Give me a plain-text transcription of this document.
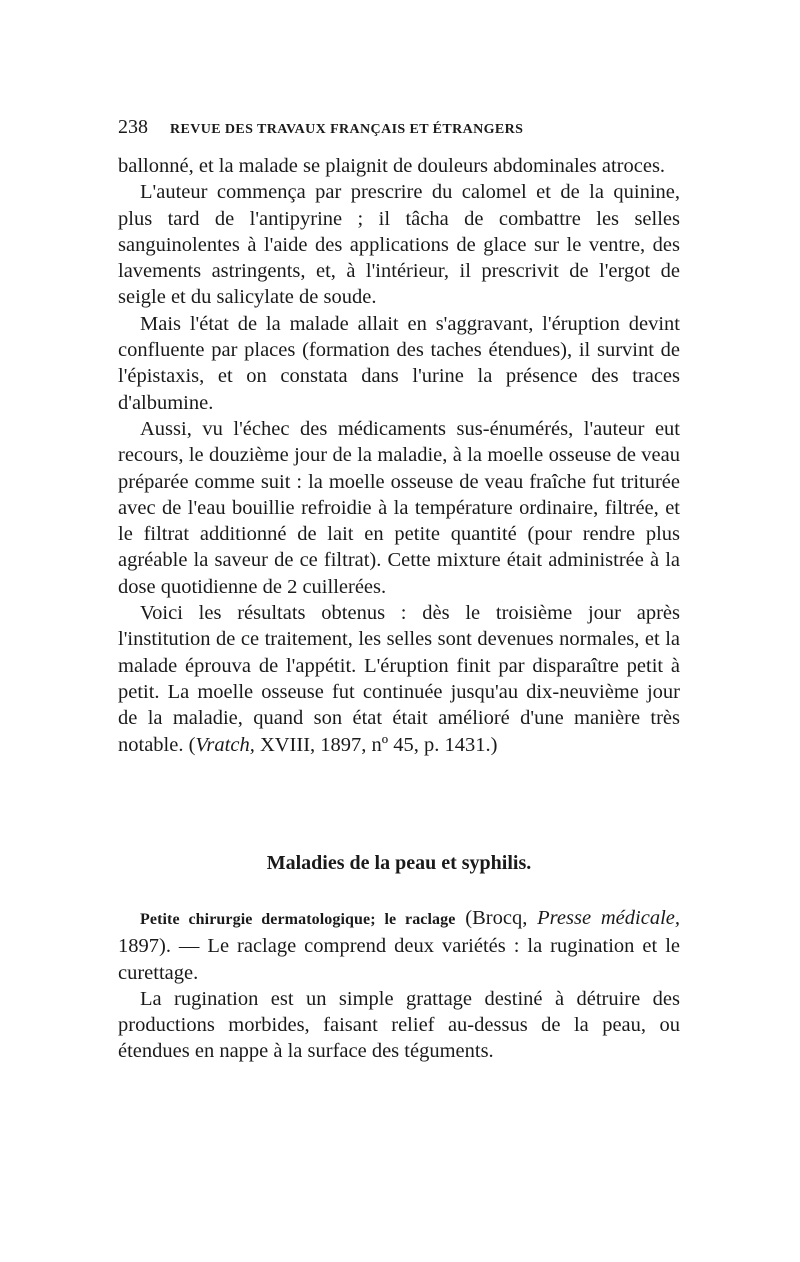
238 REVUE DES TRAVAUX FRANÇAIS ET ÉTRANGERS

ballonné, et la malade se plaignit de douleurs abdominales atroces.

L'auteur commença par prescrire du calomel et de la quinine, plus tard de l'antipyrine ; il tâcha de combattre les selles sanguinolentes à l'aide des applications de glace sur le ventre, des lavements astringents, et, à l'intérieur, il prescrivit de l'ergot de seigle et du salicylate de soude.

Mais l'état de la malade allait en s'aggravant, l'éruption devint confluente par places (formation des taches étendues), il survint de l'épistaxis, et on constata dans l'urine la présence des traces d'albumine.

Aussi, vu l'échec des médicaments sus-énumérés, l'auteur eut recours, le douzième jour de la maladie, à la moelle osseuse de veau préparée comme suit : la moelle osseuse de veau fraîche fut triturée avec de l'eau bouillie refroidie à la température ordinaire, filtrée, et le filtrat additionné de lait en petite quantité (pour rendre plus agréable la saveur de ce filtrat). Cette mixture était administrée à la dose quotidienne de 2 cuillerées.

Voici les résultats obtenus : dès le troisième jour après l'institution de ce traitement, les selles sont devenues normales, et la malade éprouva de l'appétit. L'éruption finit par disparaître petit à petit. La moelle osseuse fut continuée jusqu'au dix-neuvième jour de la maladie, quand son état était amélioré d'une manière très notable. (Vratch, XVIII, 1897, nº 45, p. 1431.)

Maladies de la peau et syphilis.

Petite chirurgie dermatologique; le raclage (Brocq, Presse médicale, 1897). — Le raclage comprend deux variétés : la rugination et le curettage.

La rugination est un simple grattage destiné à détruire des productions morbides, faisant relief au-dessus de la peau, ou étendues en nappe à la surface des téguments.
